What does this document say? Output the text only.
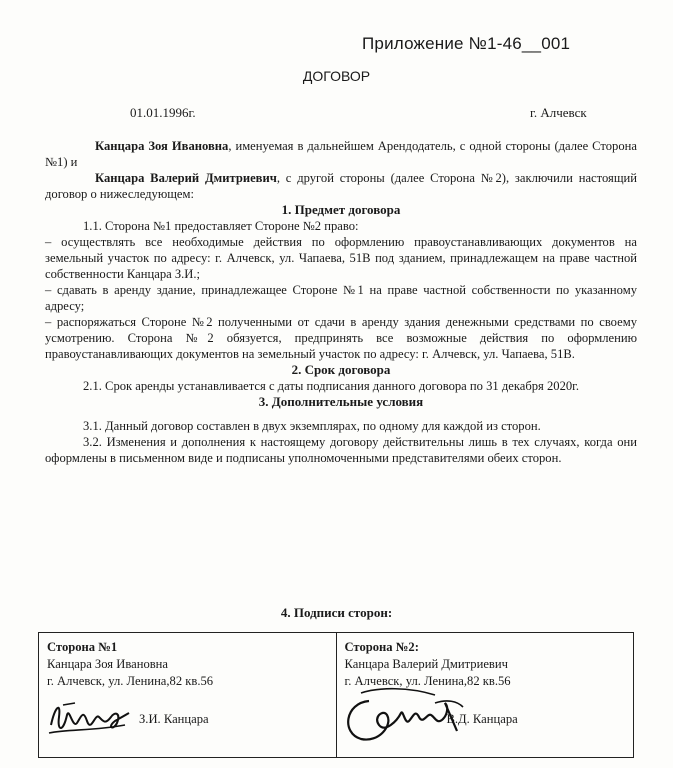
Приложение №1-46__001
ДОГОВОР
01.01.1996г.	г. Алчевск

Канцара Зоя Ивановна, именуемая в дальнейшем Арендодатель, с одной стороны (далее Сторона №1) и

Канцара Валерий Дмитриевич, с другой стороны (далее Сторона №2), заключили настоящий договор о нижеследующем:

1. Предмет договора

1.1. Сторона №1 предоставляет Стороне №2 право:

– осуществлять все необходимые действия по оформлению правоустанавливающих документов на земельный участок по адресу: г. Алчевск, ул. Чапаева, 51В под зданием, принадлежащем на праве частной собственности Канцара З.И.;

– сдавать в аренду здание, принадлежащее Стороне №1 на праве частной собственности по указанному адресу;

– распоряжаться Стороне №2 полученными от сдачи в аренду здания денежными средствами по своему усмотрению. Сторона №2 обязуется, предпринять все возможные действия по оформлению правоустанавливающих документов на земельный участок по адресу: г. Алчевск, ул. Чапаева, 51В.

2. Срок договора

2.1. Срок аренды устанавливается с даты подписания данного договора по 31 декабря 2020г.

3. Дополнительные условия

3.1. Данный договор составлен в двух экземплярах, по одному для каждой из сторон.

3.2. Изменения и дополнения к настоящему договору действительны лишь в тех случаях, когда они оформлены в письменном виде и подписаны уполномоченными представителями обеих сторон.

4. Подписи сторон:
Сторона №1
Канцара Зоя Ивановна
г. Алчевск, ул. Ленина,82 кв.56
З.И. Канцара
Сторона №2:
Канцара Валерий Дмитриевич
г. Алчевск, ул. Ленина,82 кв.56
В.Д. Канцара
